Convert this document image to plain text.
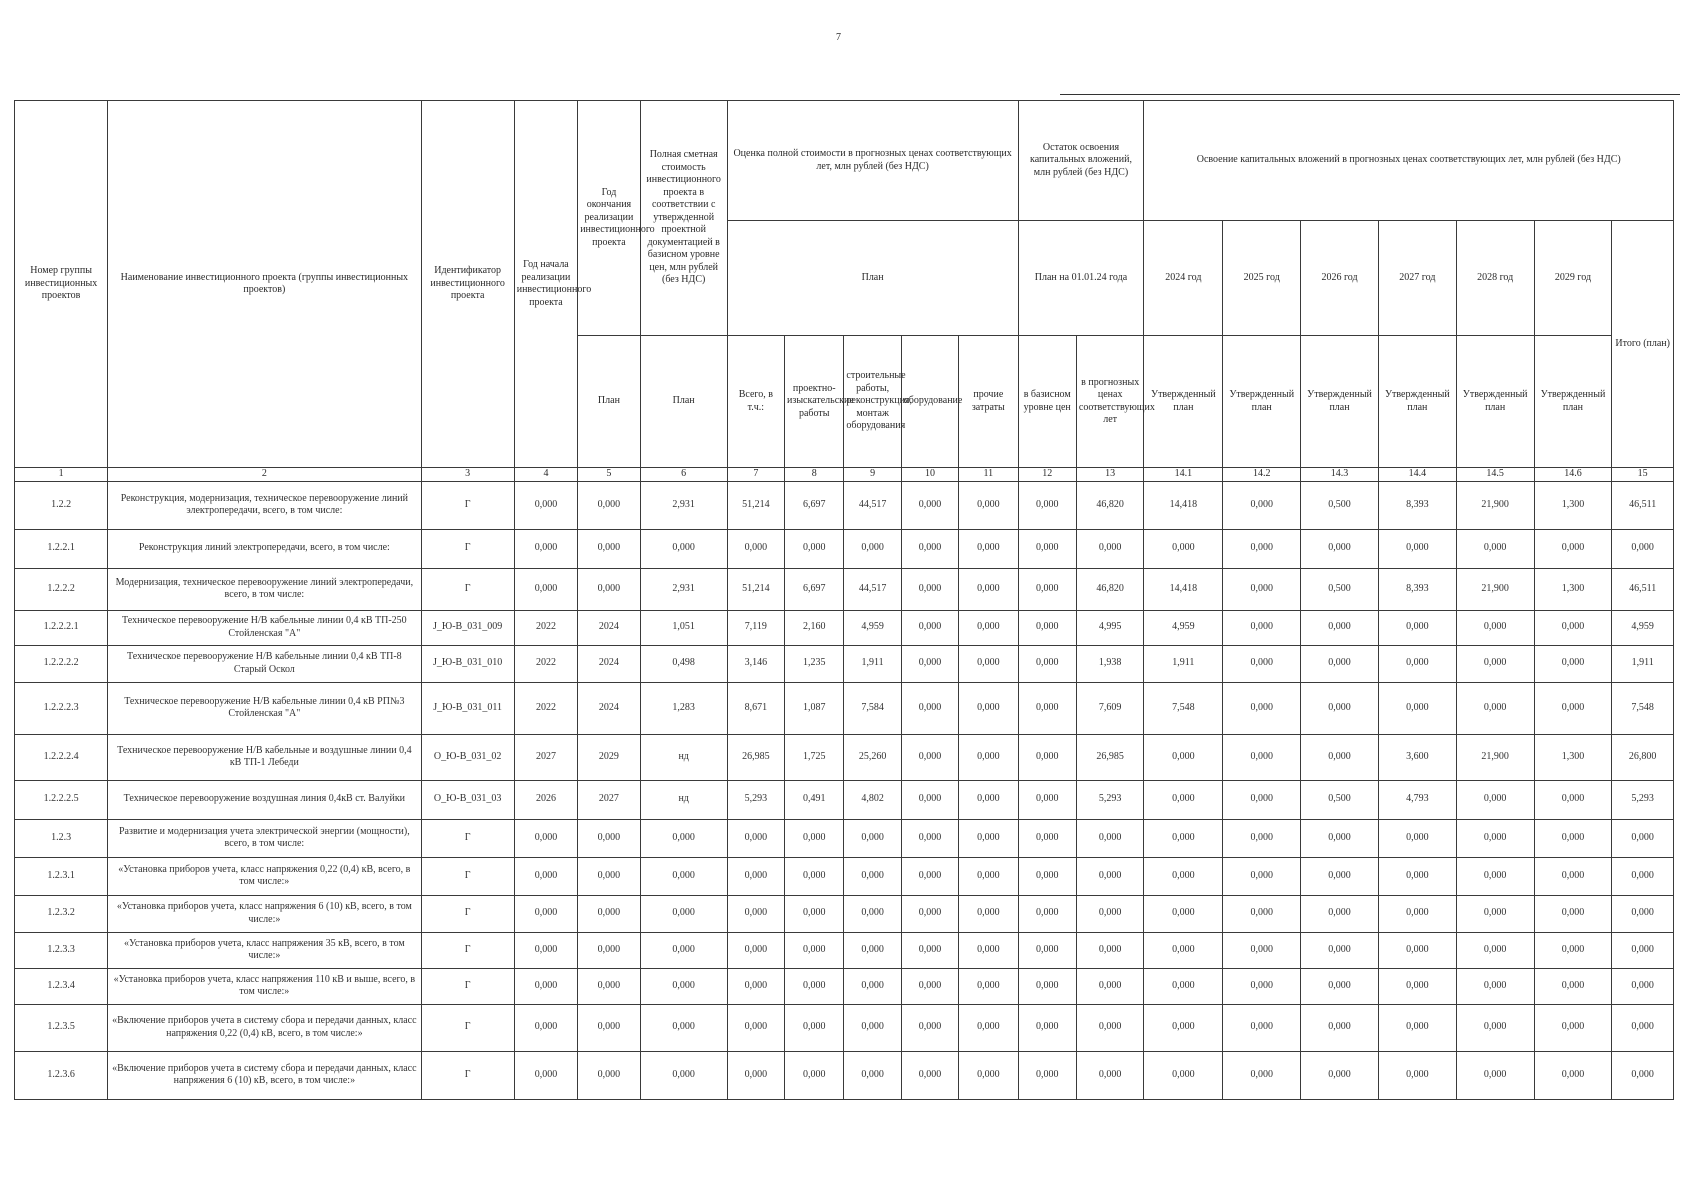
7
Номер группы инвестиционных проектов	Наименование инвестиционного проекта (группы инвестиционных проектов)	Идентификатор инвестиционного проекта	Год начала реализации инвестиционного проекта	Год окончания реализации инвестиционного проекта	Полная сметная стоимость инвестиционного проекта в соответствии с утвержденной проектной документацией в базисном уровне цен, млн рублей (без НДС)	Оценка полной стоимости в прогнозных ценах соответствующих лет, млн рублей (без НДС)					Остаток освоения капитальных вложений, млн рублей (без НДС)		Освоение капитальных вложений в прогнозных ценах соответствующих лет, млн рублей (без НДС)						
						План					План на 01.01.24 года		2024 год	2025 год	2026 год	2027 год	2028 год	2029 год	Итого (план)
				План	План	Всего, в т.ч.:	проектно-изыскательские работы	строительные работы, реконструкция, монтаж оборудования	оборудование	прочие затраты	в базисном уровне цен	в прогнозных ценах соответствующих лет	Утвержденный план	Утвержденный план	Утвержденный план	Утвержденный план	Утвержденный план	Утвержденный план	
1	2	3	4	5	6	7	8	9	10	11	12	13	14.1	14.2	14.3	14.4	14.5	14.6	15
1.2.2	Реконструкция, модернизация, техническое перевооружение линий электропередачи, всего, в том числе:	Г	0,000	0,000	2,931	51,214	6,697	44,517	0,000	0,000	0,000	46,820	14,418	0,000	0,500	8,393	21,900	1,300	46,511
1.2.2.1	Реконструкция линий электропередачи, всего, в том числе:	Г	0,000	0,000	0,000	0,000	0,000	0,000	0,000	0,000	0,000	0,000	0,000	0,000	0,000	0,000	0,000	0,000	0,000
1.2.2.2	Модернизация, техническое перевооружение линий электропередачи, всего, в том числе:	Г	0,000	0,000	2,931	51,214	6,697	44,517	0,000	0,000	0,000	46,820	14,418	0,000	0,500	8,393	21,900	1,300	46,511
1.2.2.2.1	Техническое перевооружение Н/В кабельные линии 0,4 кВ ТП-250 Стойленская "А"	J_Ю-В_031_009	2022	2024	1,051	7,119	2,160	4,959	0,000	0,000	0,000	4,995	4,959	0,000	0,000	0,000	0,000	0,000	4,959
1.2.2.2.2	Техническое перевооружение Н/В кабельные линии 0,4 кВ ТП-8 Старый Оскол	J_Ю-В_031_010	2022	2024	0,498	3,146	1,235	1,911	0,000	0,000	0,000	1,938	1,911	0,000	0,000	0,000	0,000	0,000	1,911
1.2.2.2.3	Техническое перевооружение Н/В кабельные линии 0,4 кВ РП№3 Стойленская "А"	J_Ю-В_031_011	2022	2024	1,283	8,671	1,087	7,584	0,000	0,000	0,000	7,609	7,548	0,000	0,000	0,000	0,000	0,000	7,548
1.2.2.2.4	Техническое перевооружение Н/В кабельные и воздушные линии 0,4 кВ ТП-1 Лебеди	О_Ю-В_031_02	2027	2029	нд	26,985	1,725	25,260	0,000	0,000	0,000	26,985	0,000	0,000	0,000	3,600	21,900	1,300	26,800
1.2.2.2.5	Техническое перевооружение воздушная линия 0,4кВ ст. Валуйки	О_Ю-В_031_03	2026	2027	нд	5,293	0,491	4,802	0,000	0,000	0,000	5,293	0,000	0,000	0,500	4,793	0,000	0,000	5,293
1.2.3	Развитие и модернизация учета электрической энергии (мощности), всего, в том числе:	Г	0,000	0,000	0,000	0,000	0,000	0,000	0,000	0,000	0,000	0,000	0,000	0,000	0,000	0,000	0,000	0,000	0,000
1.2.3.1	«Установка приборов учета, класс напряжения 0,22 (0,4) кВ, всего, в том числе:»	Г	0,000	0,000	0,000	0,000	0,000	0,000	0,000	0,000	0,000	0,000	0,000	0,000	0,000	0,000	0,000	0,000	0,000
1.2.3.2	«Установка приборов учета, класс напряжения 6 (10) кВ, всего, в том числе:»	Г	0,000	0,000	0,000	0,000	0,000	0,000	0,000	0,000	0,000	0,000	0,000	0,000	0,000	0,000	0,000	0,000	0,000
1.2.3.3	«Установка приборов учета, класс напряжения 35 кВ, всего, в том числе:»	Г	0,000	0,000	0,000	0,000	0,000	0,000	0,000	0,000	0,000	0,000	0,000	0,000	0,000	0,000	0,000	0,000	0,000
1.2.3.4	«Установка приборов учета, класс напряжения 110 кВ и выше, всего, в том числе:»	Г	0,000	0,000	0,000	0,000	0,000	0,000	0,000	0,000	0,000	0,000	0,000	0,000	0,000	0,000	0,000	0,000	0,000
1.2.3.5	«Включение приборов учета в систему сбора и передачи данных, класс напряжения 0,22 (0,4) кВ, всего, в том числе:»	Г	0,000	0,000	0,000	0,000	0,000	0,000	0,000	0,000	0,000	0,000	0,000	0,000	0,000	0,000	0,000	0,000	0,000
1.2.3.6	«Включение приборов учета в систему сбора и передачи данных, класс напряжения 6 (10) кВ, всего, в том числе:»	Г	0,000	0,000	0,000	0,000	0,000	0,000	0,000	0,000	0,000	0,000	0,000	0,000	0,000	0,000	0,000	0,000	0,000
